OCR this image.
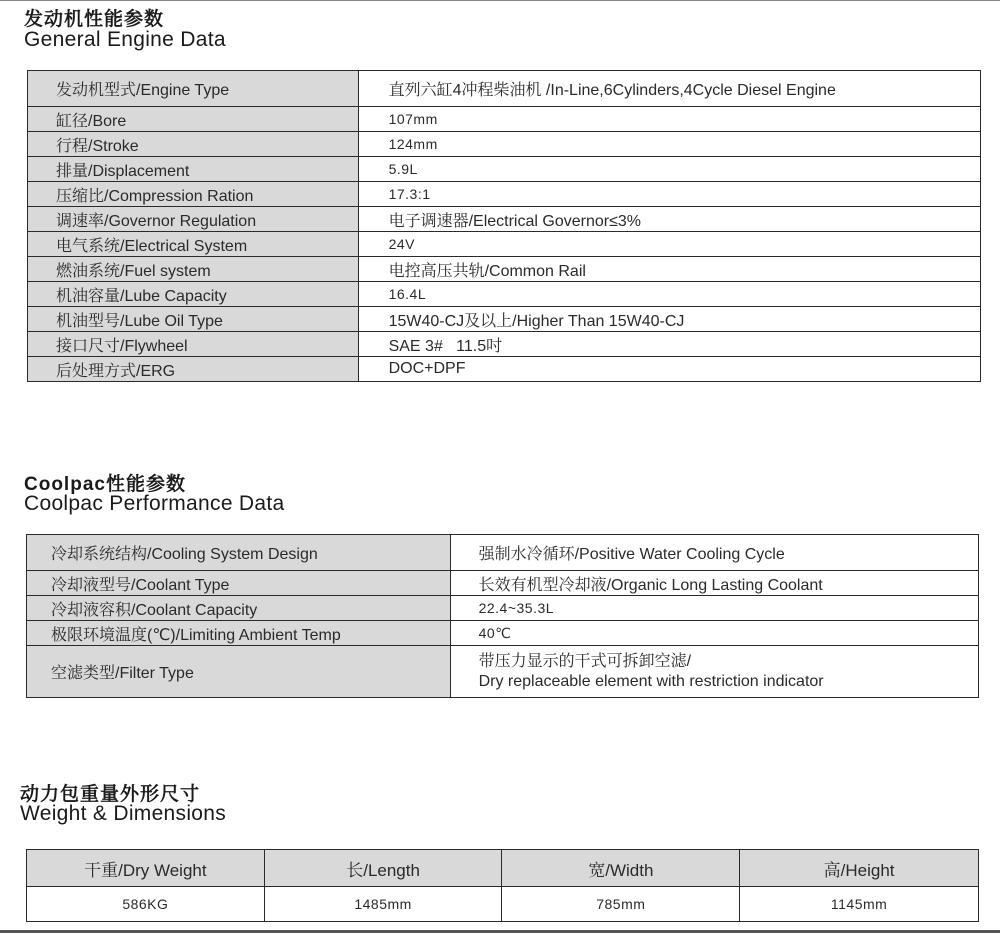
发动机性能参数
General Engine Data
发动机型式/Engine Type	直列六缸4冲程柴油机 /In-Line,6Cylinders,4Cycle Diesel Engine
缸径/Bore	107mm
行程/Stroke	124mm
排量/Displacement	5.9L
压缩比/Compression Ration	17.3:1
调速率/Governor Regulation	电子调速器/Electrical Governor≤3%
电气系统/Electrical System	24V
燃油系统/Fuel system	电控高压共轨/Common Rail
机油容量/Lube Capacity	16.4L
机油型号/Lube Oil Type	15W40-CJ及以上/Higher Than 15W40-CJ
接口尺寸/Flywheel	SAE 3#   11.5吋
后处理方式/ERG	DOC+DPF
Coolpac性能参数
Coolpac Performance Data
冷却系统结构/Cooling System Design	强制水冷循环/Positive Water Cooling Cycle
冷却液型号/Coolant Type	长效有机型冷却液/Organic Long Lasting Coolant
冷却液容积/Coolant Capacity	22.4~35.3L
极限环境温度(℃)/Limiting Ambient Temp	40℃
空滤类型/Filter Type	带压力显示的干式可拆卸空滤/
Dry replaceable element with restriction indicator
动力包重量外形尺寸
Weight & Dimensions
干重/Dry Weight	长/Length	宽/Width	高/Height
586KG	1485mm	785mm	1145mm
